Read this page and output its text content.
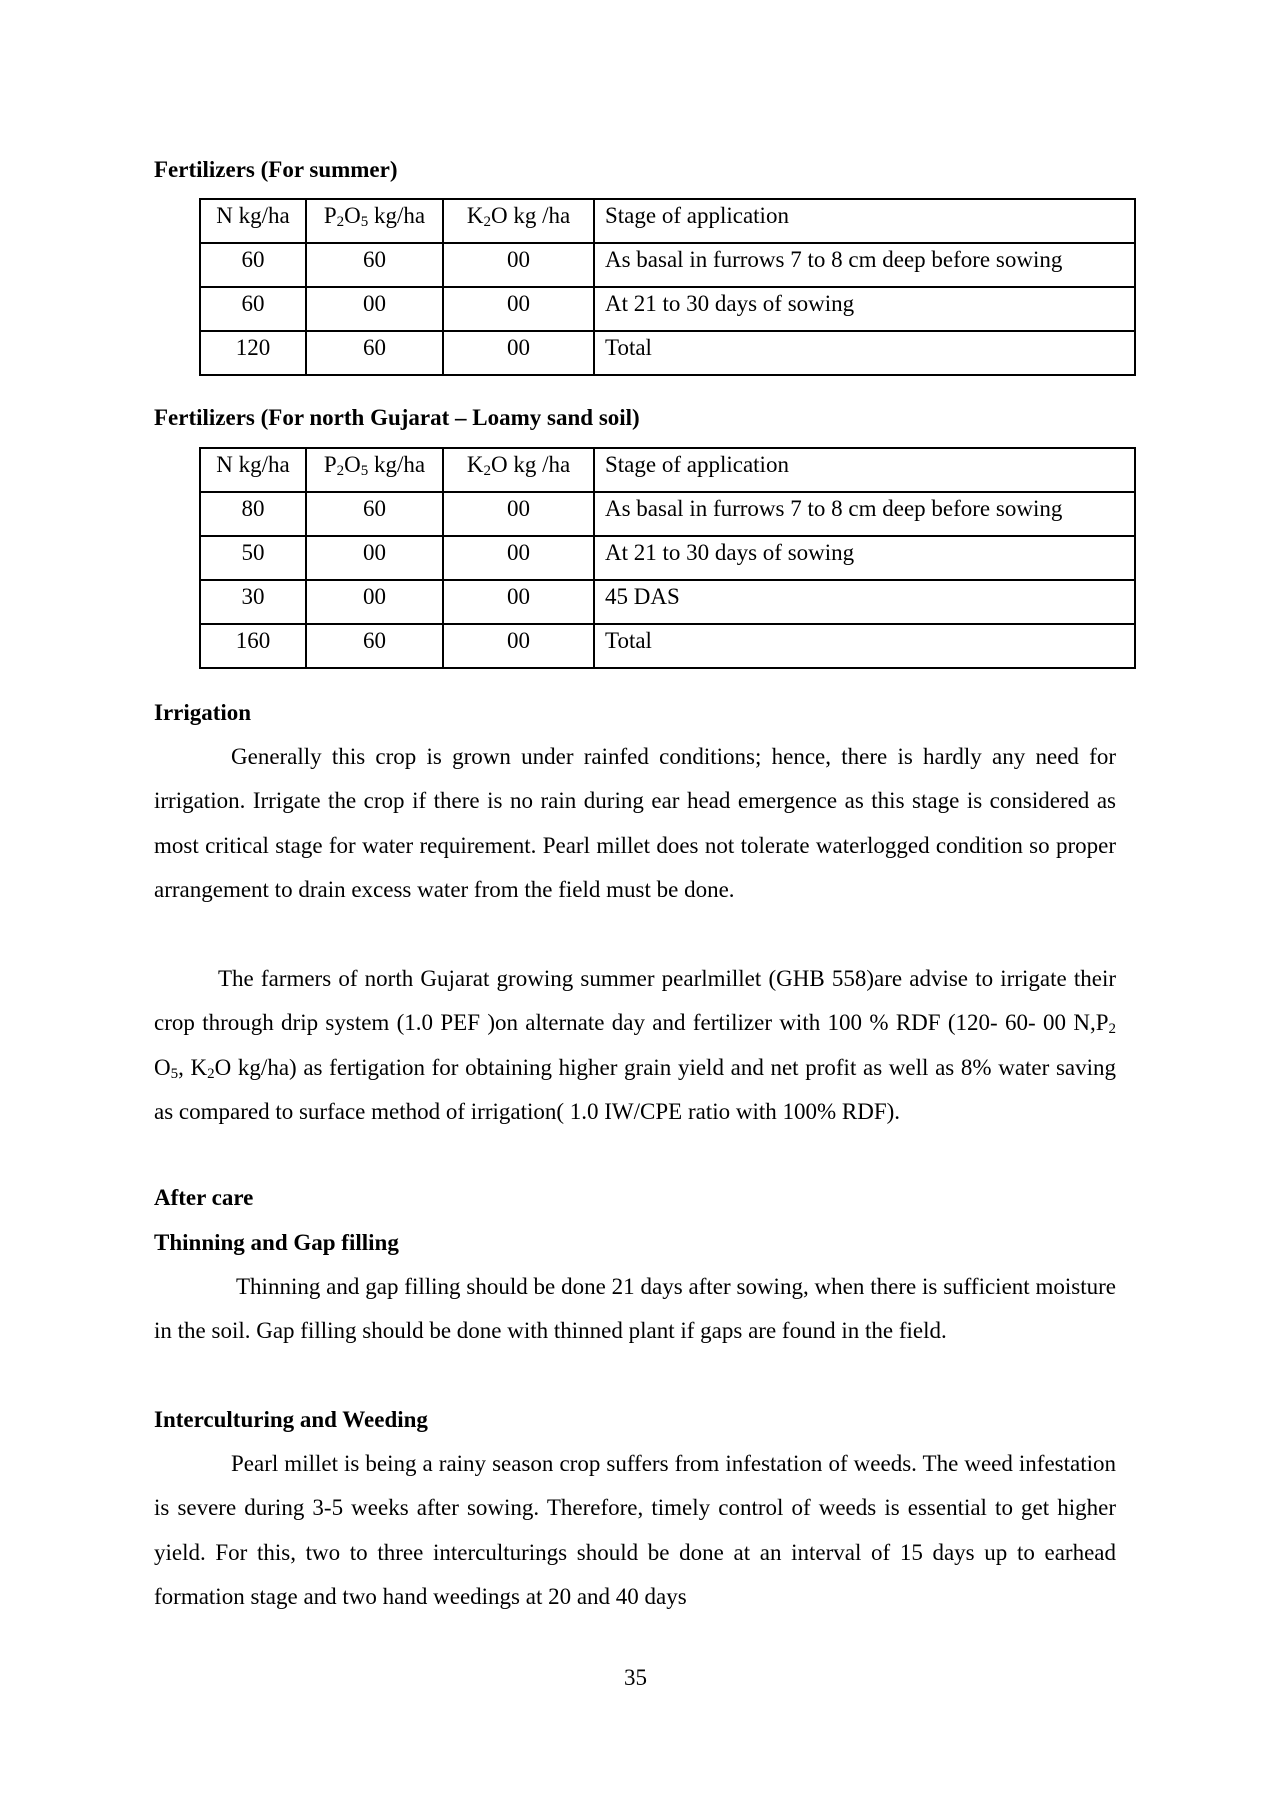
Fertilizers (For summer)
N kg/ha	$P_2O_5$ kg/ha	$K_2O$ kg /ha	Stage of application
60	60	00	As basal in furrows 7 to 8 cm deep before sowing
60	00	00	At 21 to 30 days of sowing
120	60	00	Total
Fertilizers (For north Gujarat – Loamy sand soil)
N kg/ha	$P_2O_5$ kg/ha	$K_2O$ kg /ha	Stage of application
80	60	00	As basal in furrows 7 to 8 cm deep before sowing
50	00	00	At 21 to 30 days of sowing
30	00	00	45 DAS
160	60	00	Total
Irrigation
Generally this crop is grown under rainfed conditions; hence, there is hardly any need for irrigation. Irrigate the crop if there is no rain during ear head emergence as this stage is considered as most critical stage for water requirement. Pearl millet does not tolerate waterlogged condition so proper arrangement to drain excess water from the field must be done.
The farmers of north Gujarat growing summer pearlmillet (GHB 558)are advise to irrigate their crop through drip system (1.0 PEF )on alternate day and fertilizer with 100 % RDF (120- 60- 00 $N,P_2$ $O_5$, $K_2O$ kg/ha) as fertigation for obtaining higher grain yield and net profit as well as 8% water saving as compared to surface method of irrigation( 1.0 IW/CPE ratio with 100% RDF).
After care
Thinning and Gap filling
Thinning and gap filling should be done 21 days after sowing, when there is sufficient moisture in the soil. Gap filling should be done with thinned plant if gaps are found in the field.
Interculturing and Weeding
Pearl millet is being a rainy season crop suffers from infestation of weeds. The weed infestation is severe during 3-5 weeks after sowing. Therefore, timely control of weeds is essential to get higher yield. For this, two to three interculturings should be done at an interval of 15 days up to earhead formation stage and two hand weedings at 20 and 40 days
35
